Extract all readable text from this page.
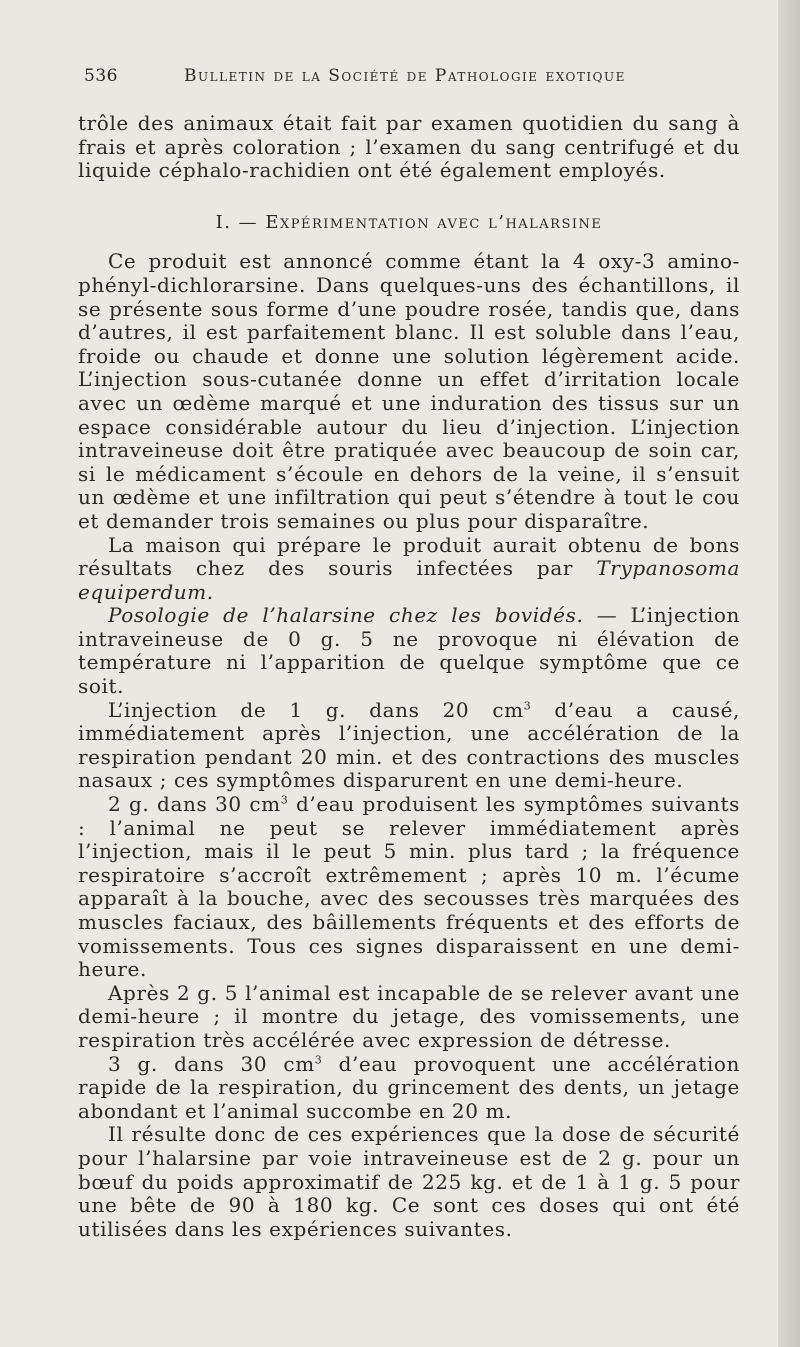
536	Bulletin de la Société de Pathologie exotique

trôle des animaux était fait par examen quotidien du sang à frais et après coloration ; l’examen du sang centrifugé et du liquide céphalo-rachidien ont été également employés.

I. — Expérimentation avec l’halarsine

Ce produit est annoncé comme étant la 4 oxy-3 amino-phényl-dichlorarsine. Dans quelques-uns des échantillons, il se présente sous forme d’une poudre rosée, tandis que, dans d’autres, il est parfaitement blanc. Il est soluble dans l’eau, froide ou chaude et donne une solution légèrement acide. L’injection sous-cutanée donne un effet d’irritation locale avec un œdème marqué et une induration des tissus sur un espace considérable autour du lieu d’injection. L’injection intraveineuse doit être pratiquée avec beaucoup de soin car, si le médicament s’écoule en dehors de la veine, il s’ensuit un œdème et une infiltration qui peut s’étendre à tout le cou et demander trois semaines ou plus pour disparaître.

La maison qui prépare le produit aurait obtenu de bons résultats chez des souris infectées par Trypanosoma equiperdum.

Posologie de l’halarsine chez les bovidés. — L’injection intraveineuse de 0 g. 5 ne provoque ni élévation de température ni l’apparition de quelque symptôme que ce soit.

L’injection de 1 g. dans 20 $cm^3$ d’eau a causé, immédiatement après l’injection, une accélération de la respiration pendant 20 min. et des contractions des muscles nasaux ; ces symptômes disparurent en une demi-heure.

2 g. dans 30 $cm^3$ d’eau produisent les symptômes suivants : l’animal ne peut se relever immédiatement après l’injection, mais il le peut 5 min. plus tard ; la fréquence respiratoire s’accroît extrêmement ; après 10 m. l’écume apparaît à la bouche, avec des secousses très marquées des muscles faciaux, des bâillements fréquents et des efforts de vomissements. Tous ces signes disparaissent en une demi-heure.

Après 2 g. 5 l’animal est incapable de se relever avant une demi-heure ; il montre du jetage, des vomissements, une respiration très accélérée avec expression de détresse.

3 g. dans 30 $cm^3$ d’eau provoquent une accélération rapide de la respiration, du grincement des dents, un jetage abondant et l’animal succombe en 20 m.

Il résulte donc de ces expériences que la dose de sécurité pour l’halarsine par voie intraveineuse est de 2 g. pour un bœuf du poids approximatif de 225 kg. et de 1 à 1 g. 5 pour une bête de 90 à 180 kg. Ce sont ces doses qui ont été utilisées dans les expériences suivantes.
